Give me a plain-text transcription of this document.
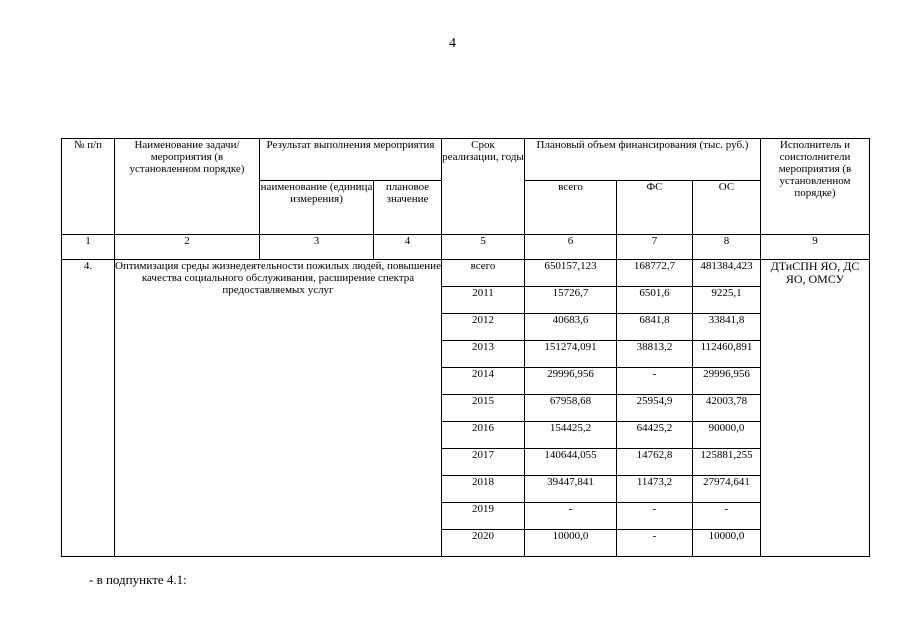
4
№ п/п	Наименование задачи/мероприятия (в установленном порядке)	Результат выполнения мероприятия		Срок реализации, годы	Плановый объем финансирования (тыс. руб.)			Исполнитель и соисполнители мероприятия (в установленном порядке)
		наименование (единица измерения)	плановое значение		всего	ФС	ОС	
1	2	3	4	5	6	7	8	9
4.	Оптимизация среды жизнедеятельности пожилых людей, повышение качества социального обслуживания, расширение спектра предоставляемых услуг			всего	650157,123	168772,7	481384,423	ДТиСПН ЯО, ДС ЯО, ОМСУ
				2011	15726,7	6501,6	9225,1	
				2012	40683,6	6841,8	33841,8	
				2013	151274,091	38813,2	112460,891	
				2014	29996,956	-	29996,956	
				2015	67958,68	25954,9	42003,78	
				2016	154425,2	64425,2	90000,0	
				2017	140644,055	14762,8	125881,255	
				2018	39447,841	11473,2	27974,641	
				2019	-	-	-	
				2020	10000,0	-	10000,0	
- в подпункте 4.1:
